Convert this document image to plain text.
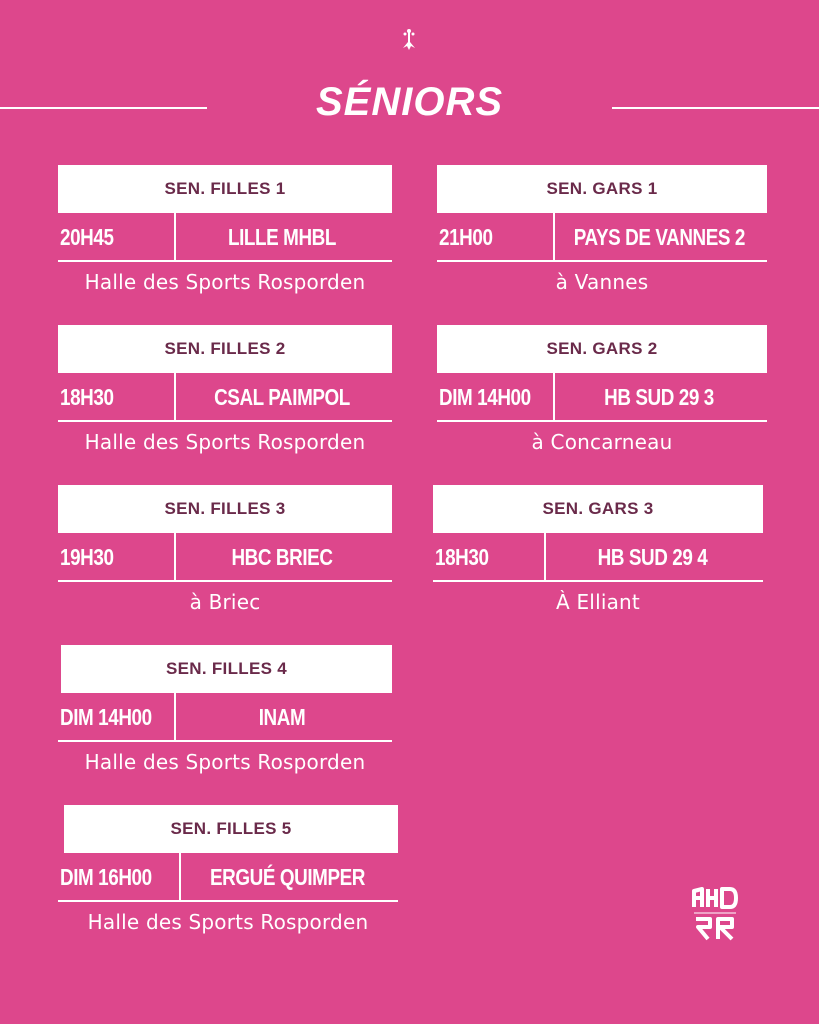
SÉNIORS
SEN. FILLES 1
20H45	LILLE MHBL
Halle des Sports Rosporden
SEN. GARS 1
21H00	PAYS DE VANNES 2
à Vannes
SEN. FILLES 2
18H30	CSAL PAIMPOL
Halle des Sports Rosporden
SEN. GARS 2
DIM 14H00	HB SUD 29 3
à Concarneau
SEN. FILLES 3
19H30	HBC BRIEC
à Briec
SEN. GARS 3
18H30	HB SUD 29 4
À Elliant
SEN. FILLES 4
DIM 14H00	INAM
Halle des Sports Rosporden
SEN. FILLES 5
DIM 16H00	ERGUÉ QUIMPER
Halle des Sports Rosporden
